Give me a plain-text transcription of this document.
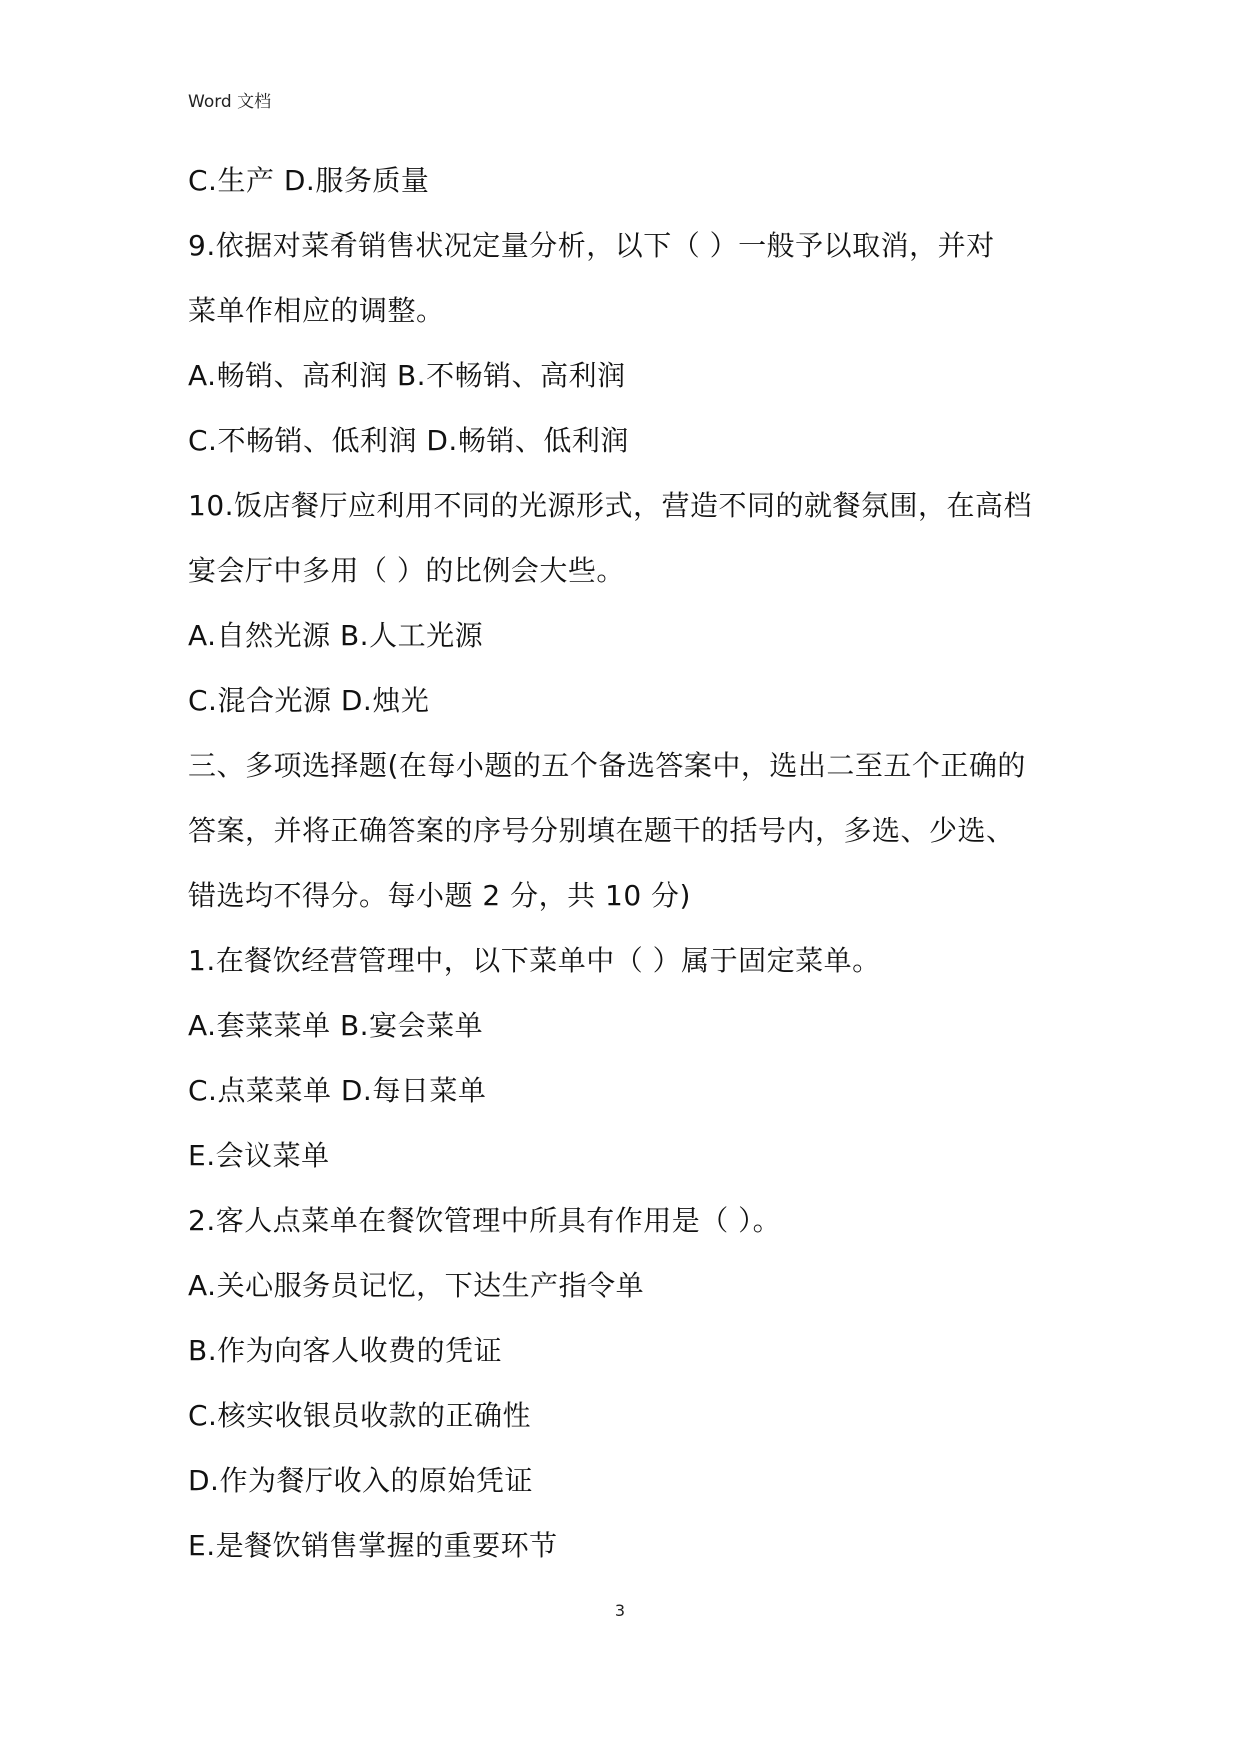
Word 文档
C.生产 D.服务质量
9.依据对菜肴销售状况定量分析，以下（ ）一般予以取消，并对
菜单作相应的调整。
A.畅销、高利润 B.不畅销、高利润
C.不畅销、低利润 D.畅销、低利润
10.饭店餐厅应利用不同的光源形式，营造不同的就餐氛围，在高档
宴会厅中多用（ ）的比例会大些。
A.自然光源 B.人工光源
C.混合光源 D.烛光
三、多项选择题(在每小题的五个备选答案中，选出二至五个正确的
答案，并将正确答案的序号分别填在题干的括号内，多选、少选、
错选均不得分。每小题 2 分，共 10 分)
1.在餐饮经营管理中，以下菜单中（ ）属于固定菜单。
A.套菜菜单 B.宴会菜单
C.点菜菜单 D.每日菜单
E.会议菜单
2.客人点菜单在餐饮管理中所具有作用是（ ）。
A.关心服务员记忆，下达生产指令单
B.作为向客人收费的凭证
C.核实收银员收款的正确性
D.作为餐厅收入的原始凭证
E.是餐饮销售掌握的重要环节
3
